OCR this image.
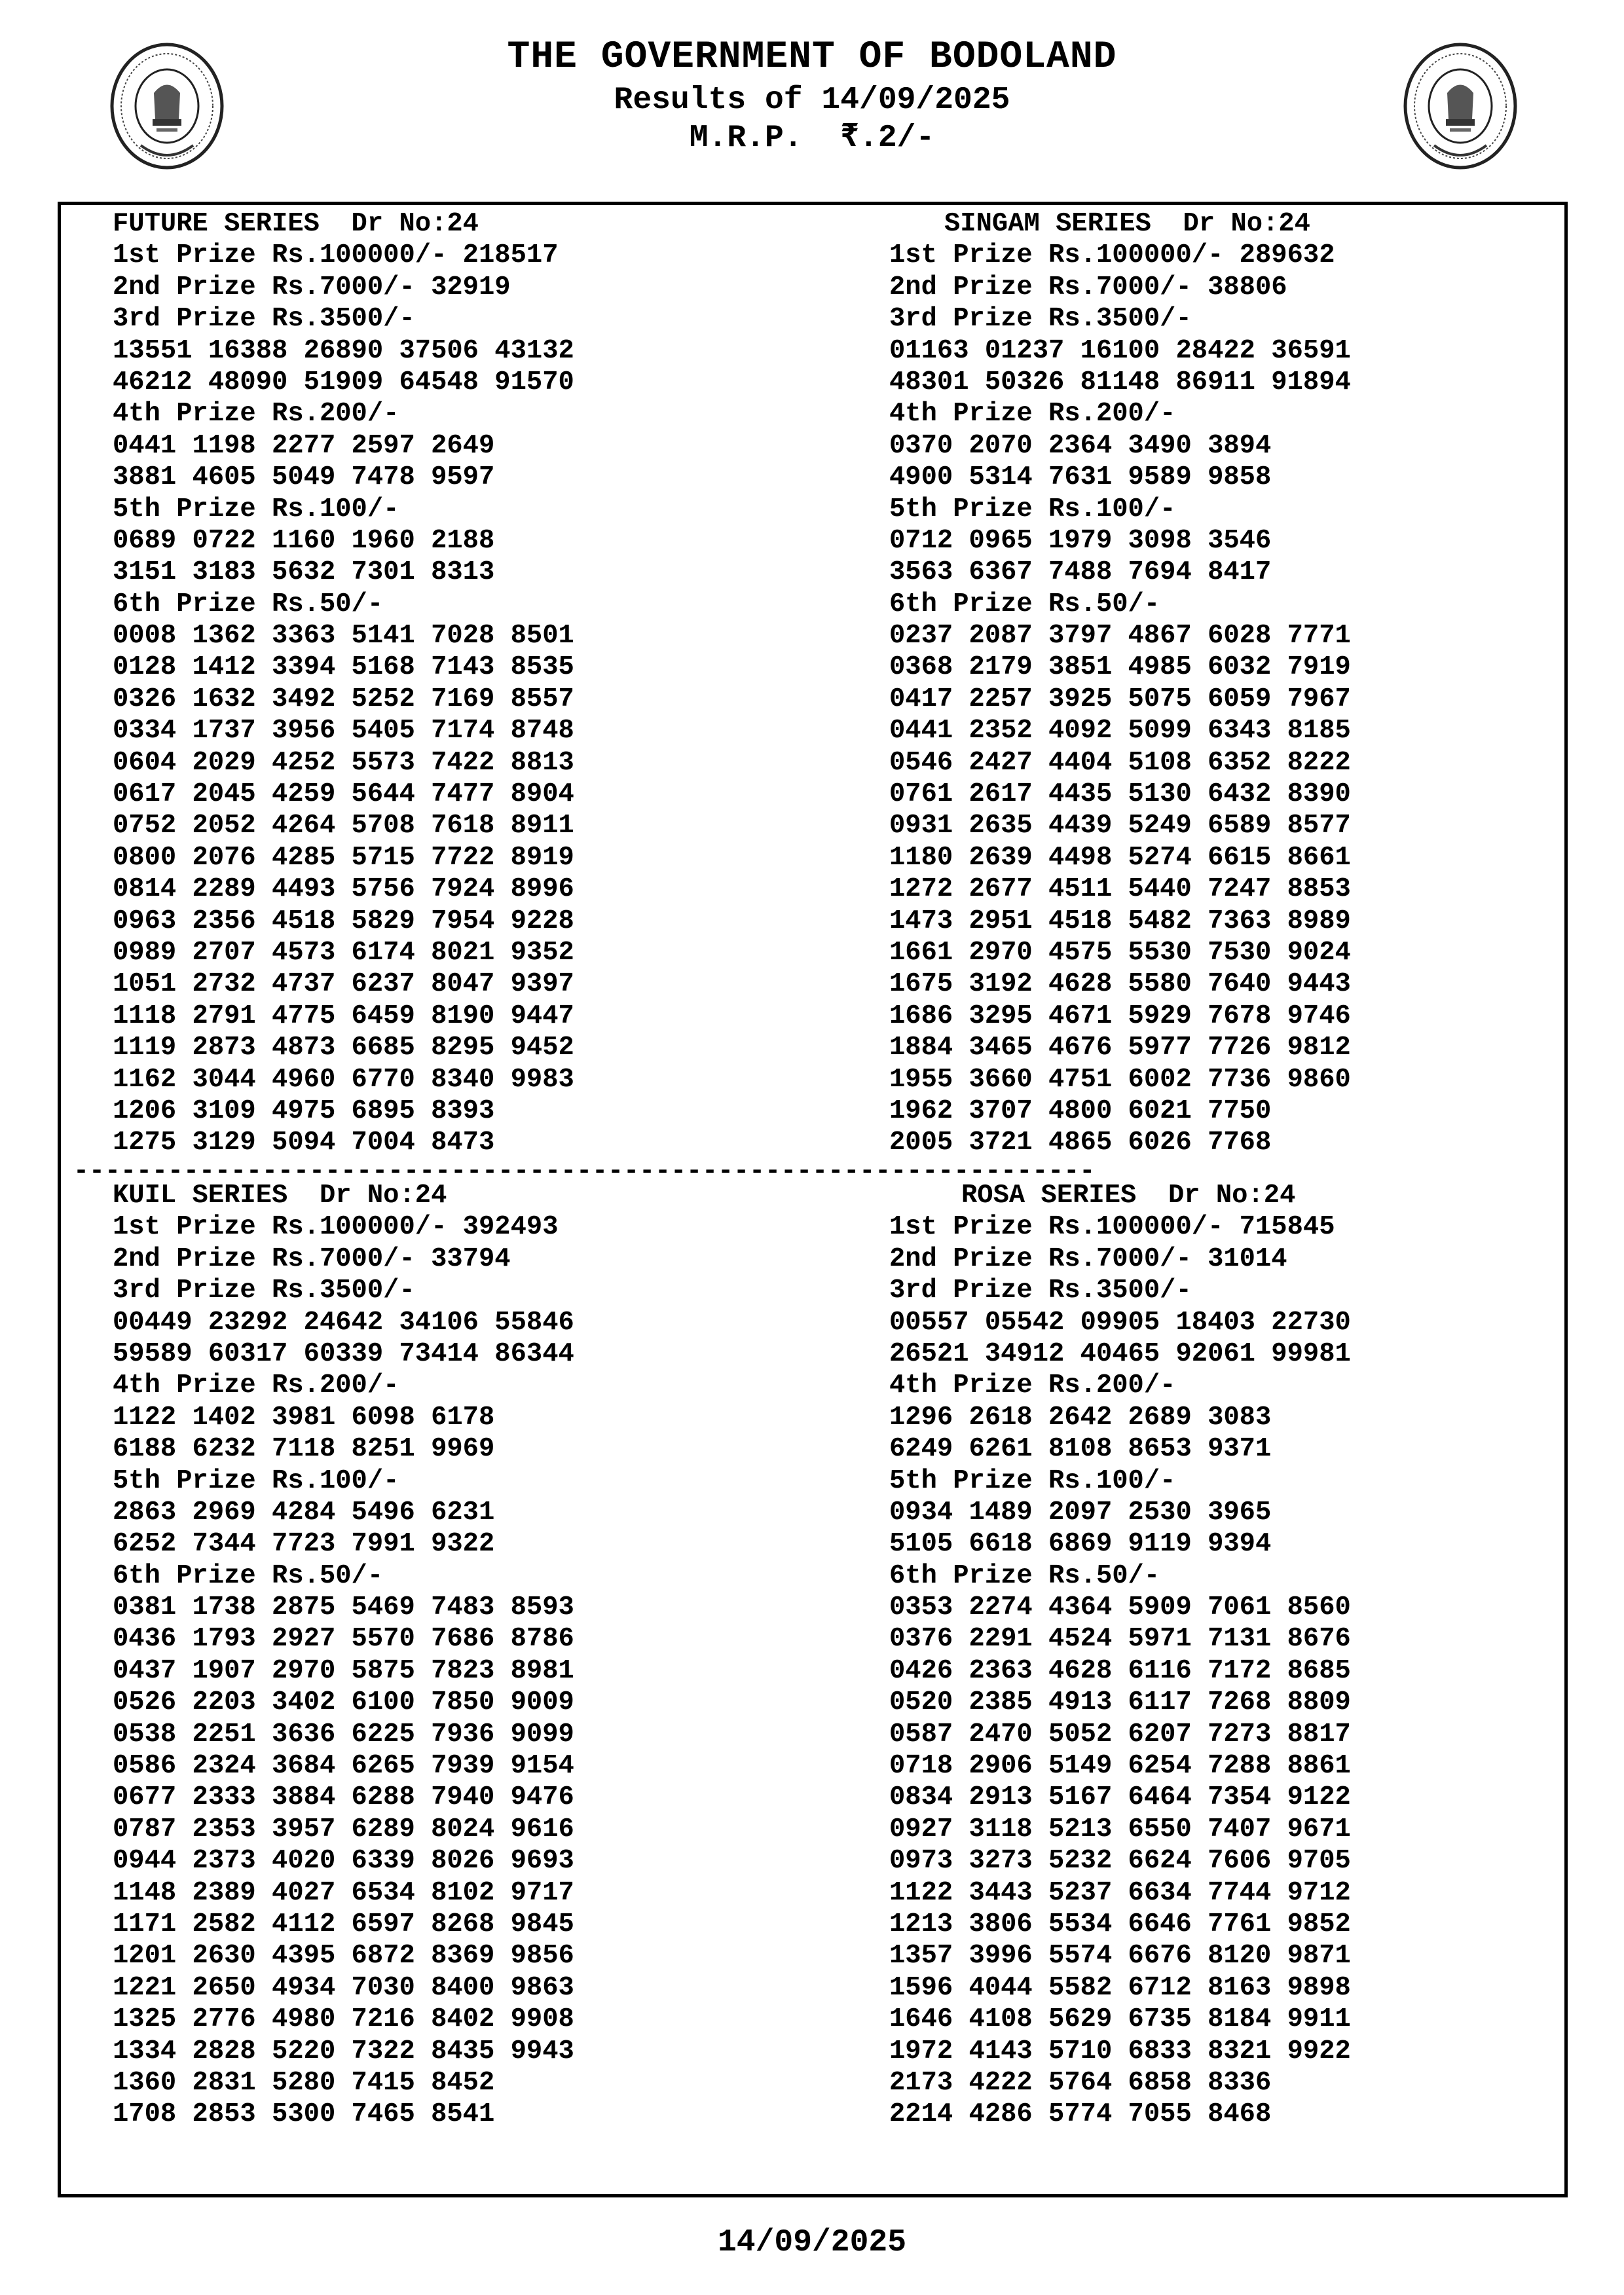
THE GOVERNMENT OF BODOLAND
Results of 14/09/2025
M.R.P.  ₹.2/-
FUTURE SERIES  Dr No:24
1st Prize Rs.100000/- 218517
2nd Prize Rs.7000/- 32919
3rd Prize Rs.3500/-
13551 16388 26890 37506 43132
46212 48090 51909 64548 91570
4th Prize Rs.200/-
0441 1198 2277 2597 2649
3881 4605 5049 7478 9597
5th Prize Rs.100/-
0689 0722 1160 1960 2188
3151 3183 5632 7301 8313
6th Prize Rs.50/-
0008 1362 3363 5141 7028 8501
0128 1412 3394 5168 7143 8535
0326 1632 3492 5252 7169 8557
0334 1737 3956 5405 7174 8748
0604 2029 4252 5573 7422 8813
0617 2045 4259 5644 7477 8904
0752 2052 4264 5708 7618 8911
0800 2076 4285 5715 7722 8919
0814 2289 4493 5756 7924 8996
0963 2356 4518 5829 7954 9228
0989 2707 4573 6174 8021 9352
1051 2732 4737 6237 8047 9397
1118 2791 4775 6459 8190 9447
1119 2873 4873 6685 8295 9452
1162 3044 4960 6770 8340 9983
1206 3109 4975 6895 8393
1275 3129 5094 7004 8473
SINGAM SERIES  Dr No:24
1st Prize Rs.100000/- 289632
2nd Prize Rs.7000/- 38806
3rd Prize Rs.3500/-
01163 01237 16100 28422 36591
48301 50326 81148 86911 91894
4th Prize Rs.200/-
0370 2070 2364 3490 3894
4900 5314 7631 9589 9858
5th Prize Rs.100/-
0712 0965 1979 3098 3546
3563 6367 7488 7694 8417
6th Prize Rs.50/-
0237 2087 3797 4867 6028 7771
0368 2179 3851 4985 6032 7919
0417 2257 3925 5075 6059 7967
0441 2352 4092 5099 6343 8185
0546 2427 4404 5108 6352 8222
0761 2617 4435 5130 6432 8390
0931 2635 4439 5249 6589 8577
1180 2639 4498 5274 6615 8661
1272 2677 4511 5440 7247 8853
1473 2951 4518 5482 7363 8989
1661 2970 4575 5530 7530 9024
1675 3192 4628 5580 7640 9443
1686 3295 4671 5929 7678 9746
1884 3465 4676 5977 7726 9812
1955 3660 4751 6002 7736 9860
1962 3707 4800 6021 7750
2005 3721 4865 6026 7768
-----------------------------------------------------------------
KUIL SERIES  Dr No:24
1st Prize Rs.100000/- 392493
2nd Prize Rs.7000/- 33794
3rd Prize Rs.3500/-
00449 23292 24642 34106 55846
59589 60317 60339 73414 86344
4th Prize Rs.200/-
1122 1402 3981 6098 6178
6188 6232 7118 8251 9969
5th Prize Rs.100/-
2863 2969 4284 5496 6231
6252 7344 7723 7991 9322
6th Prize Rs.50/-
0381 1738 2875 5469 7483 8593
0436 1793 2927 5570 7686 8786
0437 1907 2970 5875 7823 8981
0526 2203 3402 6100 7850 9009
0538 2251 3636 6225 7936 9099
0586 2324 3684 6265 7939 9154
0677 2333 3884 6288 7940 9476
0787 2353 3957 6289 8024 9616
0944 2373 4020 6339 8026 9693
1148 2389 4027 6534 8102 9717
1171 2582 4112 6597 8268 9845
1201 2630 4395 6872 8369 9856
1221 2650 4934 7030 8400 9863
1325 2776 4980 7216 8402 9908
1334 2828 5220 7322 8435 9943
1360 2831 5280 7415 8452
1708 2853 5300 7465 8541
ROSA SERIES  Dr No:24
1st Prize Rs.100000/- 715845
2nd Prize Rs.7000/- 31014
3rd Prize Rs.3500/-
00557 05542 09905 18403 22730
26521 34912 40465 92061 99981
4th Prize Rs.200/-
1296 2618 2642 2689 3083
6249 6261 8108 8653 9371
5th Prize Rs.100/-
0934 1489 2097 2530 3965
5105 6618 6869 9119 9394
6th Prize Rs.50/-
0353 2274 4364 5909 7061 8560
0376 2291 4524 5971 7131 8676
0426 2363 4628 6116 7172 8685
0520 2385 4913 6117 7268 8809
0587 2470 5052 6207 7273 8817
0718 2906 5149 6254 7288 8861
0834 2913 5167 6464 7354 9122
0927 3118 5213 6550 7407 9671
0973 3273 5232 6624 7606 9705
1122 3443 5237 6634 7744 9712
1213 3806 5534 6646 7761 9852
1357 3996 5574 6676 8120 9871
1596 4044 5582 6712 8163 9898
1646 4108 5629 6735 8184 9911
1972 4143 5710 6833 8321 9922
2173 4222 5764 6858 8336
2214 4286 5774 7055 8468
14/09/2025
